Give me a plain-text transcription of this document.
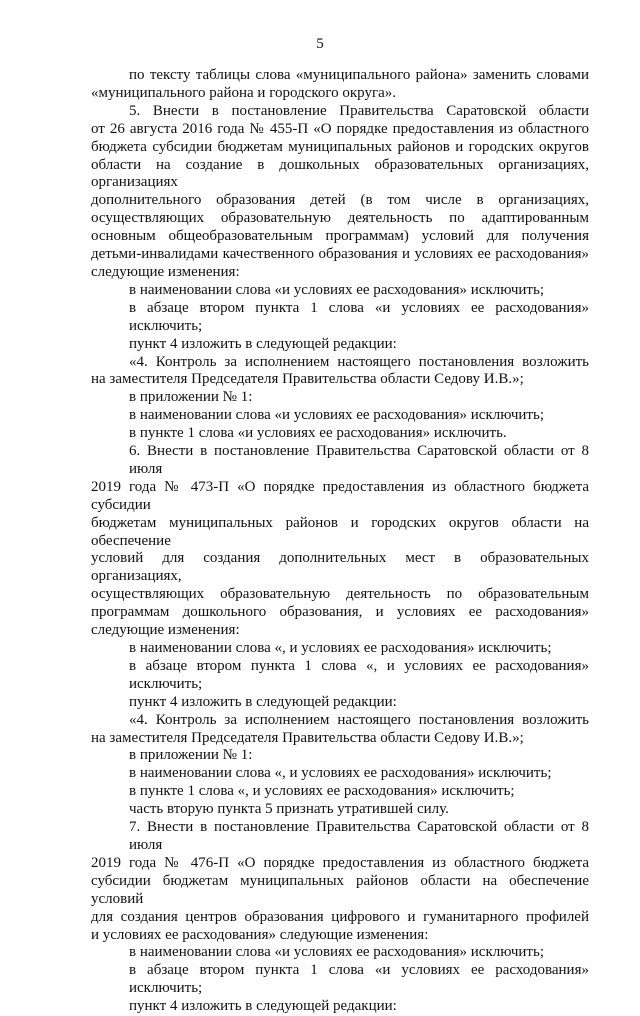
5

по тексту таблицы слова «муниципального района» заменить словами

«муниципального района и городского округа».

5. Внести в постановление Правительства Саратовской области

от 26 августа 2016 года № 455-П «О порядке предоставления из областного

бюджета субсидии бюджетам муниципальных районов и городских округов

области на создание в дошкольных образовательных организациях, организациях

дополнительного образования детей (в том числе в организациях,

осуществляющих образовательную деятельность по адаптированным

основным общеобразовательным программам) условий для получения

детьми-инвалидами качественного образования и условиях ее расходования»

следующие изменения:

в наименовании слова «и условиях ее расходования» исключить;

в абзаце втором пункта 1 слова «и условиях ее расходования» исключить;

пункт 4 изложить в следующей редакции:

«4. Контроль за исполнением настоящего постановления возложить

на заместителя Председателя Правительства области Седову И.В.»;

в приложении № 1:

в наименовании слова «и условиях ее расходования» исключить;

в пункте 1 слова «и условиях ее расходования» исключить.

6. Внести в постановление Правительства Саратовской области от 8 июля

2019 года № 473-П «О порядке предоставления из областного бюджета субсидии

бюджетам муниципальных районов и городских округов области на обеспечение

условий для создания дополнительных мест в образовательных организациях,

осуществляющих образовательную деятельность по образовательным

программам дошкольного образования, и условиях ее расходования»

следующие изменения:

в наименовании слова «, и условиях ее расходования» исключить;

в абзаце втором пункта 1 слова «, и условиях ее расходования» исключить;

пункт 4 изложить в следующей редакции:

«4. Контроль за исполнением настоящего постановления возложить

на заместителя Председателя Правительства области Седову И.В.»;

в приложении № 1:

в наименовании слова «, и условиях ее расходования» исключить;

в пункте 1 слова «, и условиях ее расходования» исключить;

часть вторую пункта 5 признать утратившей силу.

7. Внести в постановление Правительства Саратовской области от 8 июля

2019 года № 476-П «О порядке предоставления из областного бюджета

субсидии бюджетам муниципальных районов области на обеспечение условий

для создания центров образования цифрового и гуманитарного профилей

и условиях ее расходования» следующие изменения:

в наименовании слова «и условиях ее расходования» исключить;

в абзаце втором пункта 1 слова «и условиях ее расходования» исключить;

пункт 4 изложить в следующей редакции:
